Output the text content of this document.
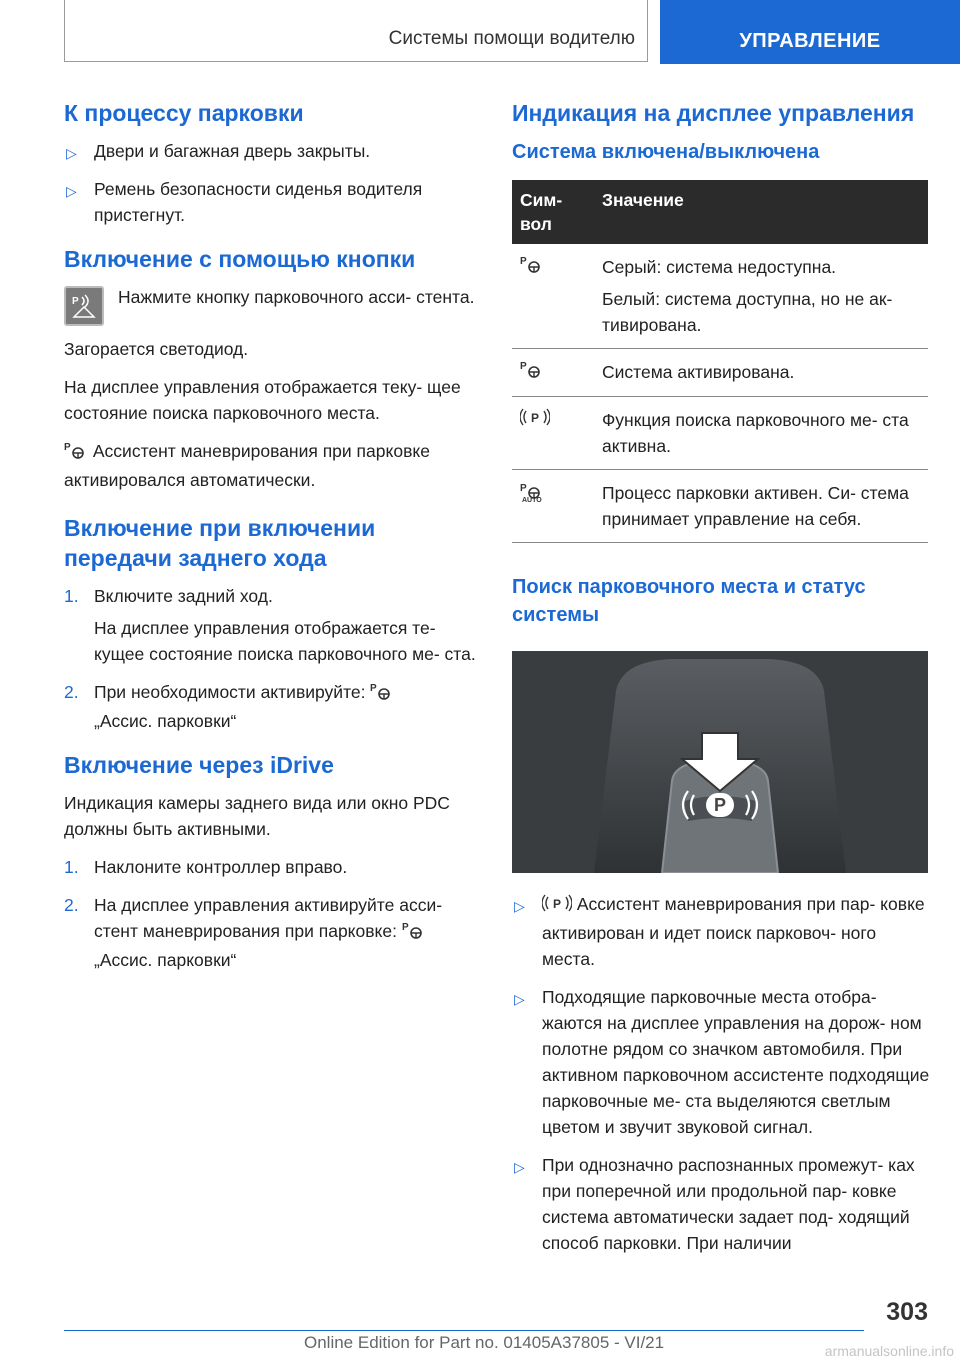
Системы помощи водителю	УПРАВЛЕНИЕ
К процессу парковки
▷ Двери и багажная дверь закрыты.
▷ Ремень безопасности сиденья водителя пристегнут.
Включение с помощью кнопки
P Нажмите кнопку парковочного асси- стента.

Загорается светодиод.

На дисплее управления отображается теку- щее состояние поиска парковочного места.

P Ассистент маневрирования при парковке активировался автоматически.

Включение при включении передачи заднего хода
1. Включите задний ход.

На дисплее управления отображается те- кущее состояние поиска парковочного ме- ста.

2. При необходимости активируйте: P

„Ассис. парковки“
Включение через iDrive

Индикация камеры заднего вида или окно PDC должны быть активными.

1. Наклоните контроллер вправо.
2. На дисплее управления активируйте асси- стент маневрирования при парковке: P

„Ассис. парковки“
Индикация на дисплее управления
Система включена/выключена
Сим- вол	Значение

P	Серый: система недоступна.

Белый: система доступна, но не ак- тивирована.

P	Система активирована.

P	Функция поиска парковочного ме- ста активна.

P
AUTO	Процесс парковки активен. Си- стема принимает управление на себя.

Поиск парковочного места и статус системы
P
▷ P Ассистент маневрирования при пар- ковке активирован и идет поиск парковоч- ного места.
▷ Подходящие парковочные места отобра- жаются на дисплее управления на дорож- ном полотне рядом со значком автомобиля. При активном парковочном ассистенте подходящие парковочные ме- ста выделяются светлым цветом и звучит звуковой сигнал.
▷ При однозначно распознанных промежут- ках при поперечной или продольной пар- ковке система автоматически задает под- ходящий способ парковки. При наличии
303
Online Edition for Part no. 01405A37805 - VI/21	armanualsonline.info
